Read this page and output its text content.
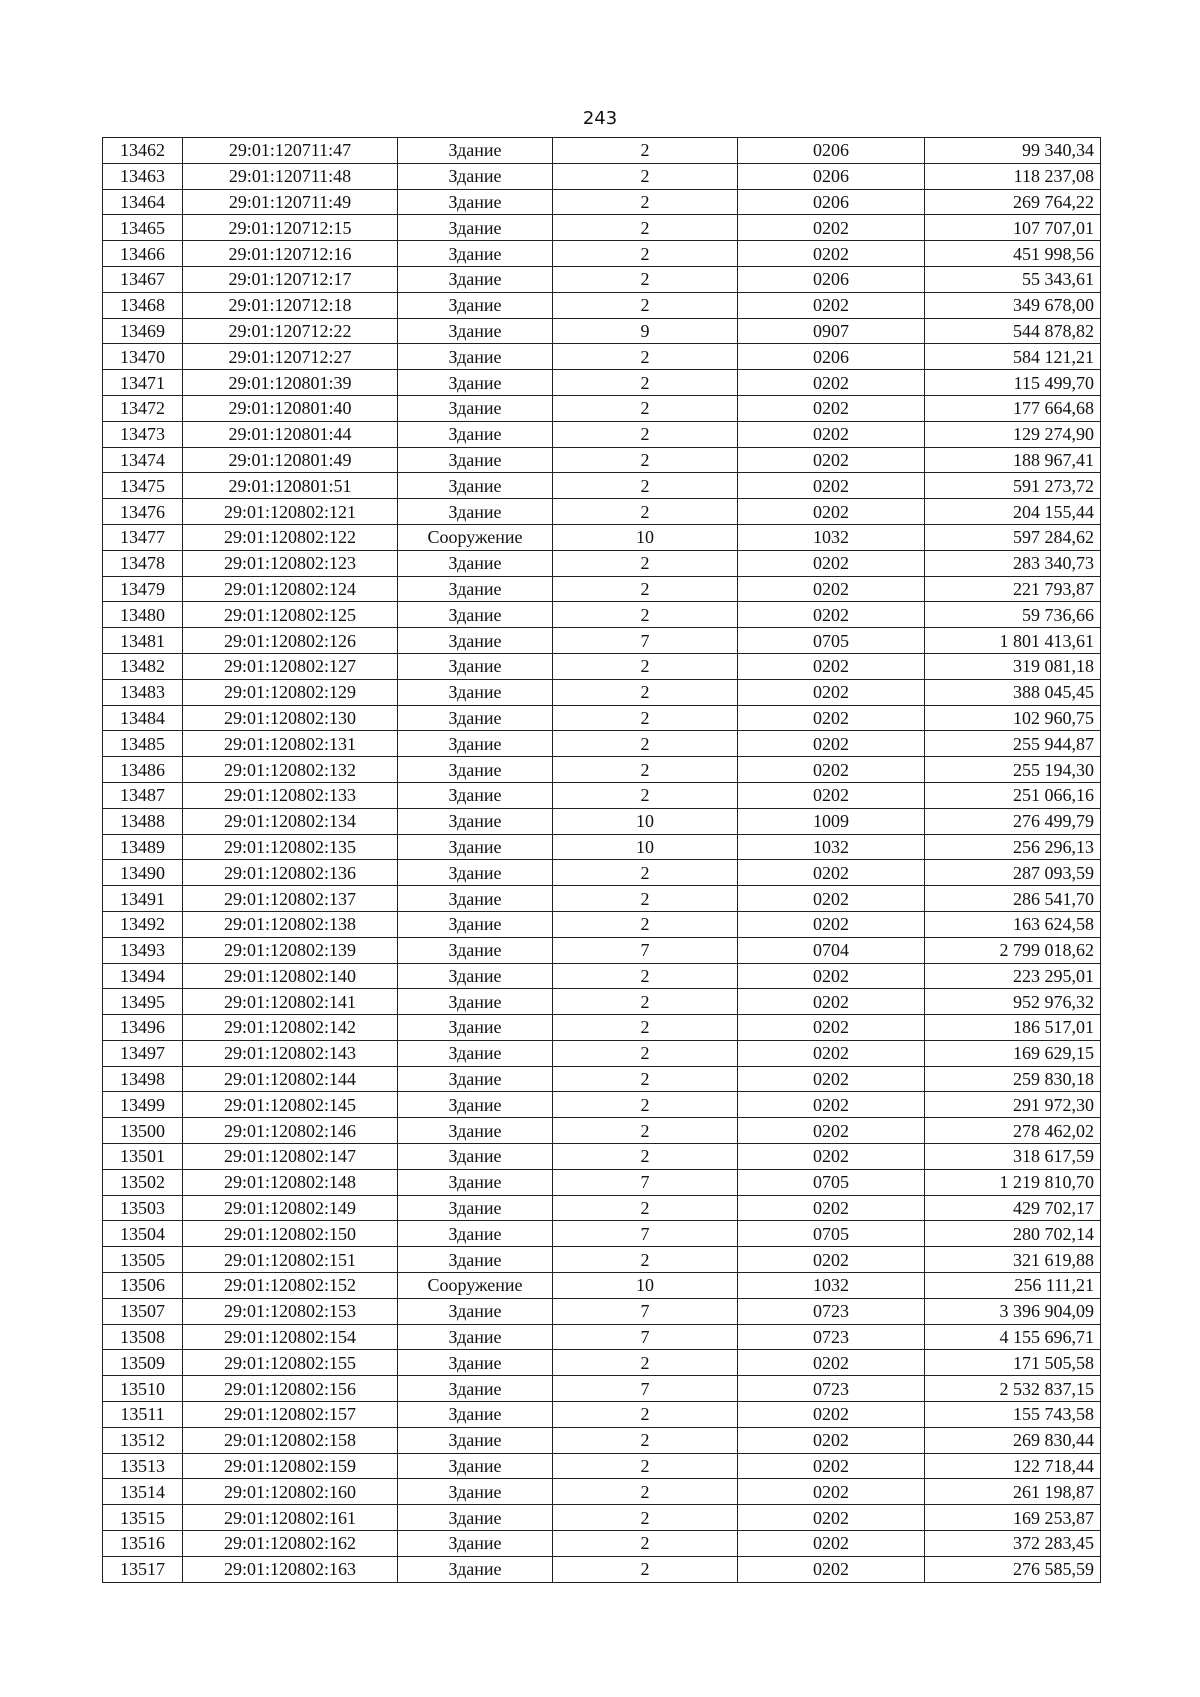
243
13462	29:01:120711:47	Здание	2	0206	99 340,34
13463	29:01:120711:48	Здание	2	0206	118 237,08
13464	29:01:120711:49	Здание	2	0206	269 764,22
13465	29:01:120712:15	Здание	2	0202	107 707,01
13466	29:01:120712:16	Здание	2	0202	451 998,56
13467	29:01:120712:17	Здание	2	0206	55 343,61
13468	29:01:120712:18	Здание	2	0202	349 678,00
13469	29:01:120712:22	Здание	9	0907	544 878,82
13470	29:01:120712:27	Здание	2	0206	584 121,21
13471	29:01:120801:39	Здание	2	0202	115 499,70
13472	29:01:120801:40	Здание	2	0202	177 664,68
13473	29:01:120801:44	Здание	2	0202	129 274,90
13474	29:01:120801:49	Здание	2	0202	188 967,41
13475	29:01:120801:51	Здание	2	0202	591 273,72
13476	29:01:120802:121	Здание	2	0202	204 155,44
13477	29:01:120802:122	Сооружение	10	1032	597 284,62
13478	29:01:120802:123	Здание	2	0202	283 340,73
13479	29:01:120802:124	Здание	2	0202	221 793,87
13480	29:01:120802:125	Здание	2	0202	59 736,66
13481	29:01:120802:126	Здание	7	0705	1 801 413,61
13482	29:01:120802:127	Здание	2	0202	319 081,18
13483	29:01:120802:129	Здание	2	0202	388 045,45
13484	29:01:120802:130	Здание	2	0202	102 960,75
13485	29:01:120802:131	Здание	2	0202	255 944,87
13486	29:01:120802:132	Здание	2	0202	255 194,30
13487	29:01:120802:133	Здание	2	0202	251 066,16
13488	29:01:120802:134	Здание	10	1009	276 499,79
13489	29:01:120802:135	Здание	10	1032	256 296,13
13490	29:01:120802:136	Здание	2	0202	287 093,59
13491	29:01:120802:137	Здание	2	0202	286 541,70
13492	29:01:120802:138	Здание	2	0202	163 624,58
13493	29:01:120802:139	Здание	7	0704	2 799 018,62
13494	29:01:120802:140	Здание	2	0202	223 295,01
13495	29:01:120802:141	Здание	2	0202	952 976,32
13496	29:01:120802:142	Здание	2	0202	186 517,01
13497	29:01:120802:143	Здание	2	0202	169 629,15
13498	29:01:120802:144	Здание	2	0202	259 830,18
13499	29:01:120802:145	Здание	2	0202	291 972,30
13500	29:01:120802:146	Здание	2	0202	278 462,02
13501	29:01:120802:147	Здание	2	0202	318 617,59
13502	29:01:120802:148	Здание	7	0705	1 219 810,70
13503	29:01:120802:149	Здание	2	0202	429 702,17
13504	29:01:120802:150	Здание	7	0705	280 702,14
13505	29:01:120802:151	Здание	2	0202	321 619,88
13506	29:01:120802:152	Сооружение	10	1032	256 111,21
13507	29:01:120802:153	Здание	7	0723	3 396 904,09
13508	29:01:120802:154	Здание	7	0723	4 155 696,71
13509	29:01:120802:155	Здание	2	0202	171 505,58
13510	29:01:120802:156	Здание	7	0723	2 532 837,15
13511	29:01:120802:157	Здание	2	0202	155 743,58
13512	29:01:120802:158	Здание	2	0202	269 830,44
13513	29:01:120802:159	Здание	2	0202	122 718,44
13514	29:01:120802:160	Здание	2	0202	261 198,87
13515	29:01:120802:161	Здание	2	0202	169 253,87
13516	29:01:120802:162	Здание	2	0202	372 283,45
13517	29:01:120802:163	Здание	2	0202	276 585,59
